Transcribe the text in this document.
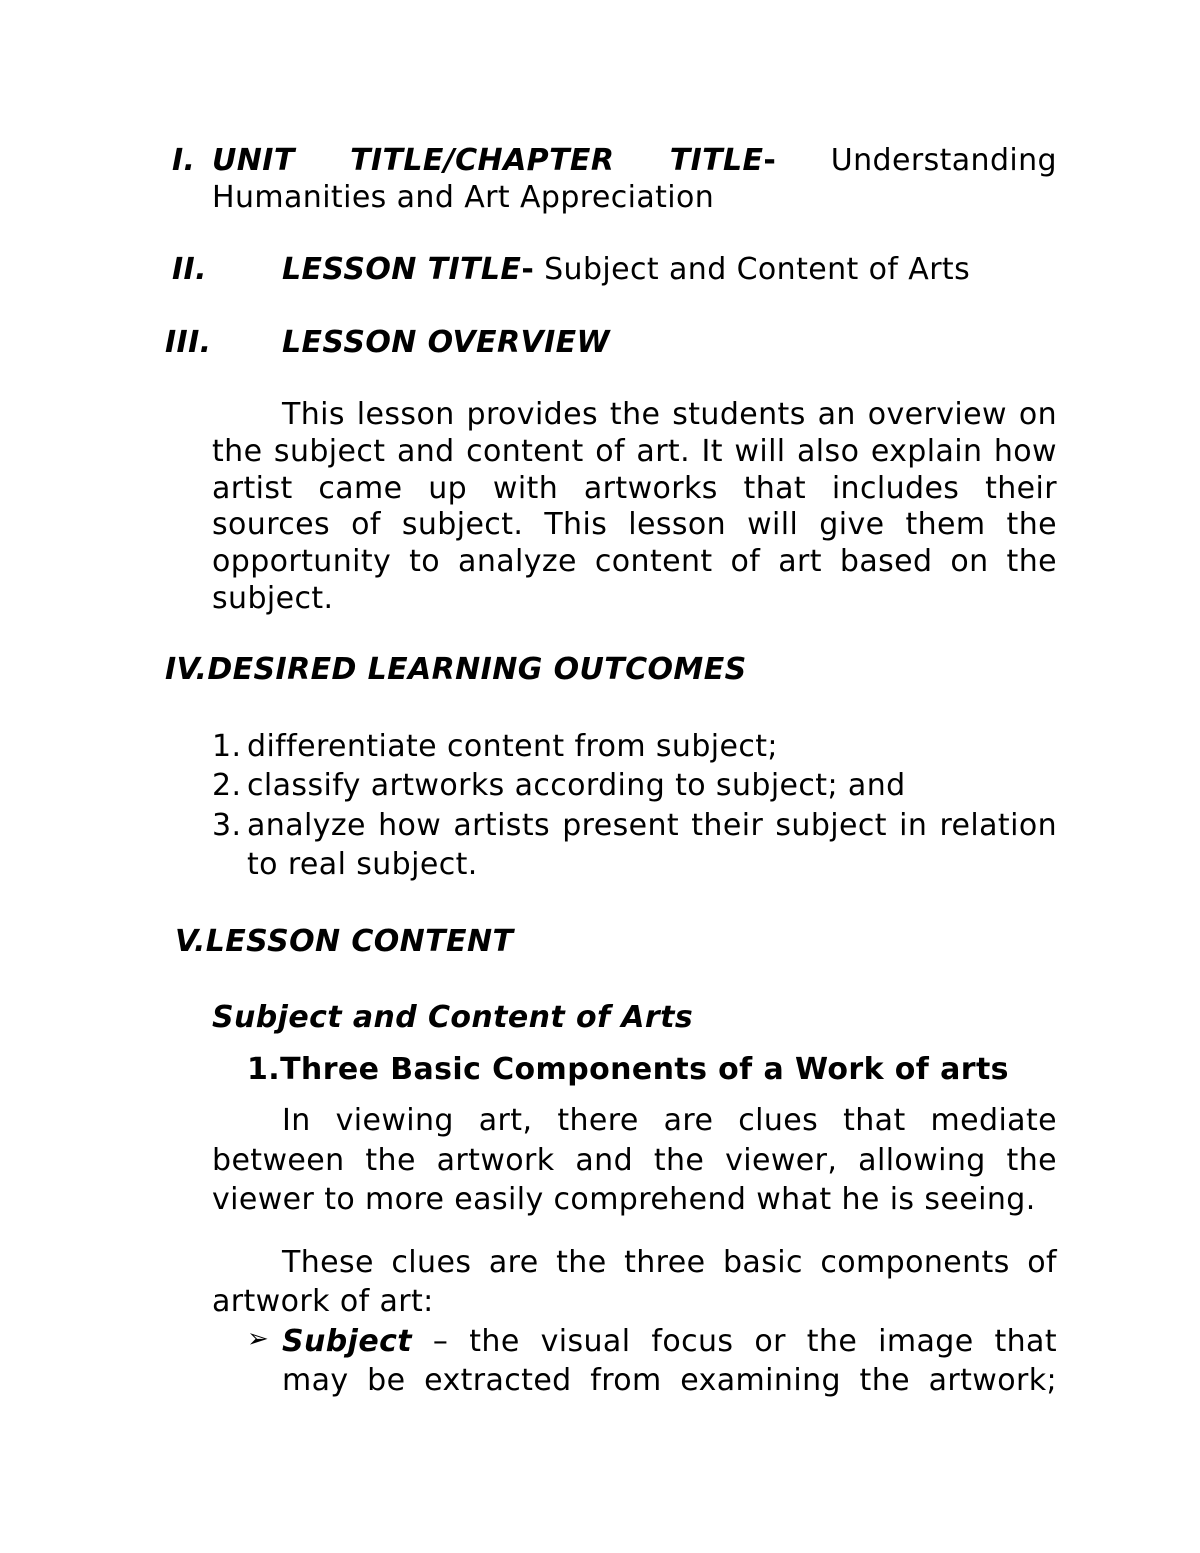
I. UNIT TITLE/CHAPTER TITLE- Understanding
Humanities and Art Appreciation
II.	LESSON TITLE- Subject and Content of Arts
III. LESSON OVERVIEW
This lesson provides the students an overview on
the subject and content of art. It will also explain how
artist came up with artworks that includes their
sources of subject. This lesson will give them the
opportunity to analyze content of art based on the
subject.
IV.DESIRED LEARNING OUTCOMES
1. differentiate content from subject;
2. classify artworks according to subject; and
3. analyze how artists present their subject in relation
to real subject.
V.LESSON CONTENT
Subject and Content of Arts
1.Three Basic Components of a Work of arts
In viewing art, there are clues that mediate
between the artwork and the viewer, allowing the
viewer to more easily comprehend what he is seeing.
These clues are the three basic components of
artwork of art:
➢ Subject – the visual focus or the image that
may be extracted from examining the artwork;
